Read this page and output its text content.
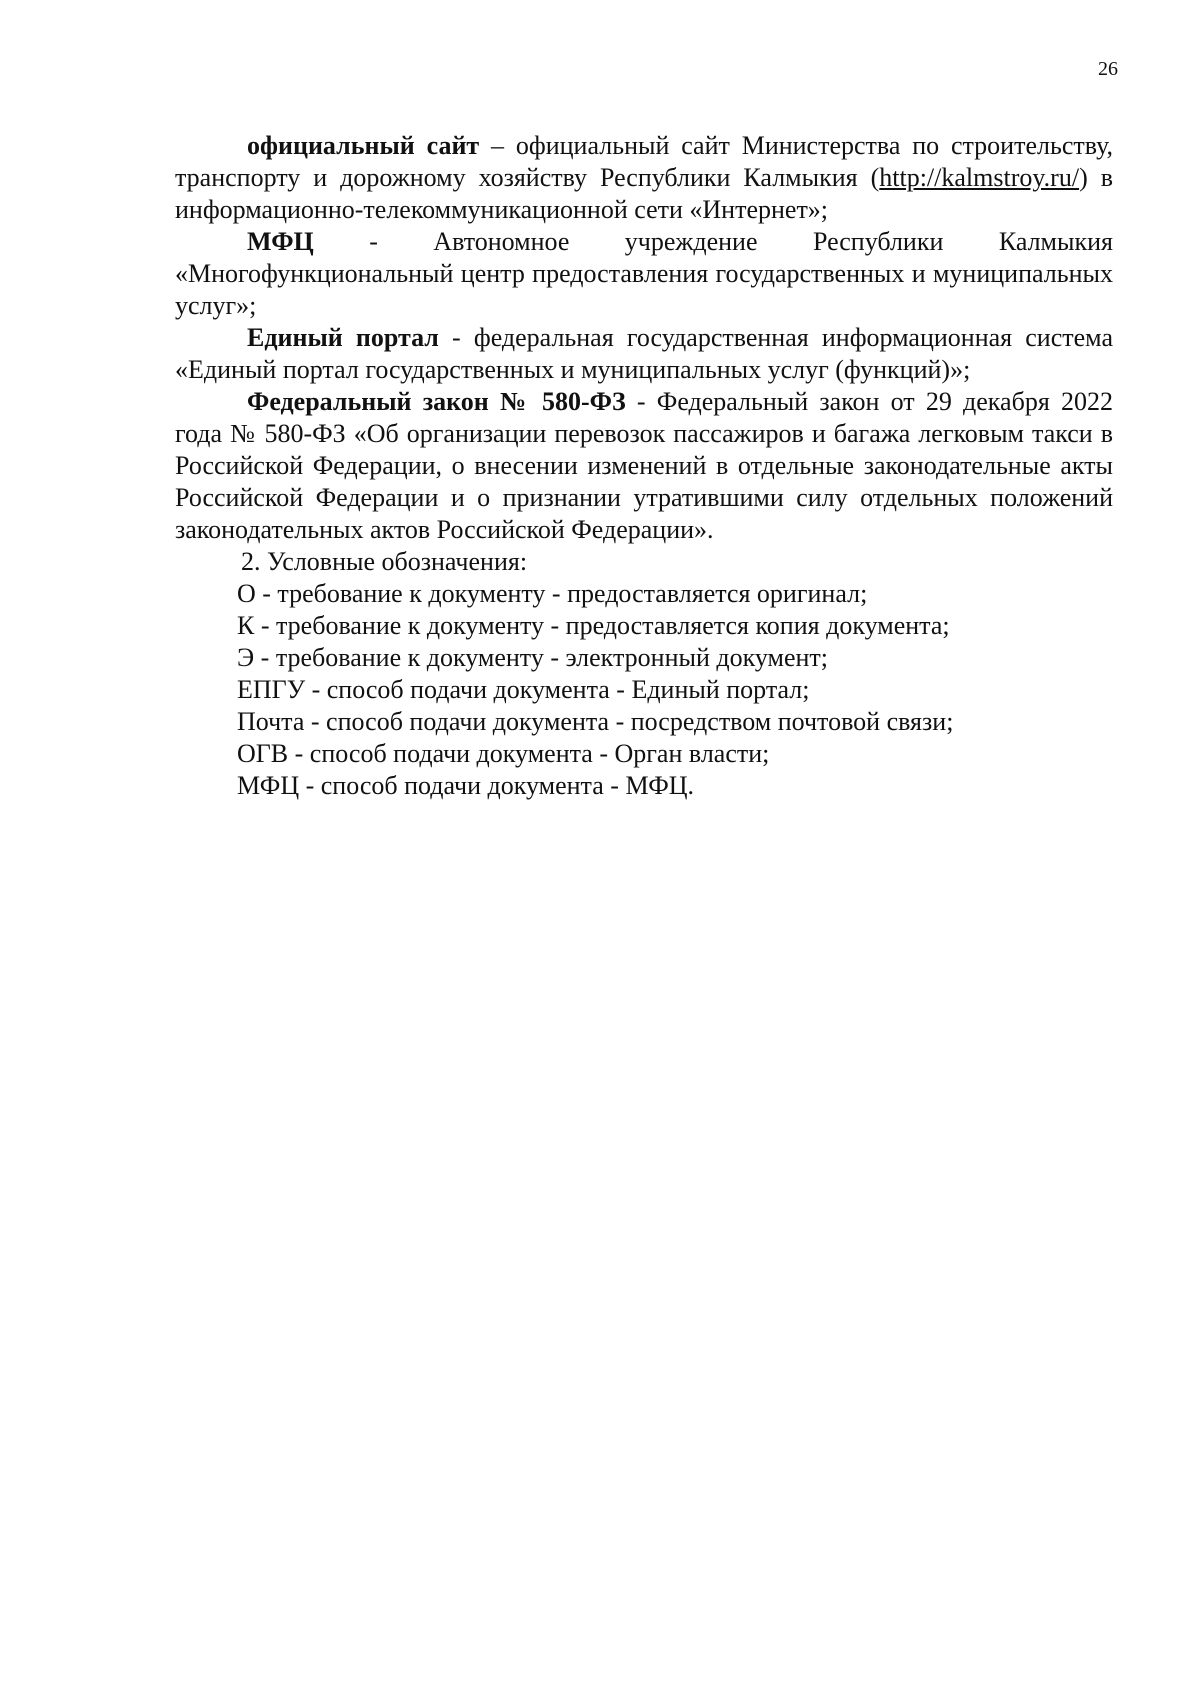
26

официальный сайт – официальный сайт Министерства по строительству, транспорту и дорожному хозяйству Республики Калмыкия (http://kalmstroy.ru/) в информационно-телекоммуникационной сети «Интернет»;

МФЦ - Автономное учреждение Республики Калмыкия «Многофункциональный центр предоставления государственных и муниципальных услуг»;

Единый портал - федеральная государственная информационная система «Единый портал государственных и муниципальных услуг (функций)»;

Федеральный закон № 580-ФЗ - Федеральный закон от 29 декабря 2022 года № 580-ФЗ «Об организации перевозок пассажиров и багажа легковым такси в Российской Федерации, о внесении изменений в отдельные законодательные акты Российской Федерации и о признании утратившими силу отдельных положений законодательных актов Российской Федерации».

2. Условные обозначения:

О - требование к документу - предоставляется оригинал;

К - требование к документу - предоставляется копия документа;

Э - требование к документу - электронный документ;

ЕПГУ - способ подачи документа - Единый портал;

Почта - способ подачи документа - посредством почтовой связи;

ОГВ - способ подачи документа - Орган власти;

МФЦ - способ подачи документа - МФЦ.
